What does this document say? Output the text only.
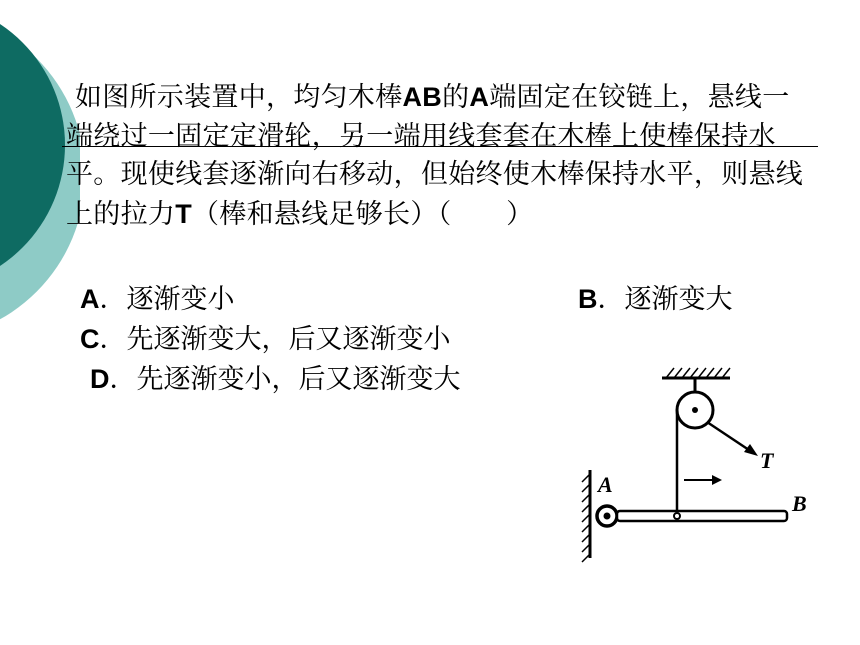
如图所示装置中，均匀木棒AB的A端固定在铰链上，悬线一端绕过一固定定滑轮，另一端用线套套在木棒上使棒保持水平。现使线套逐渐向右移动，但始终使木棒保持水平，则悬线上的拉力T（棒和悬线足够长）（　　）

A．逐渐变小	B．逐渐变大
C．先逐渐变大，后又逐渐变小
D．先逐渐变小，后又逐渐变大
T
A
B
